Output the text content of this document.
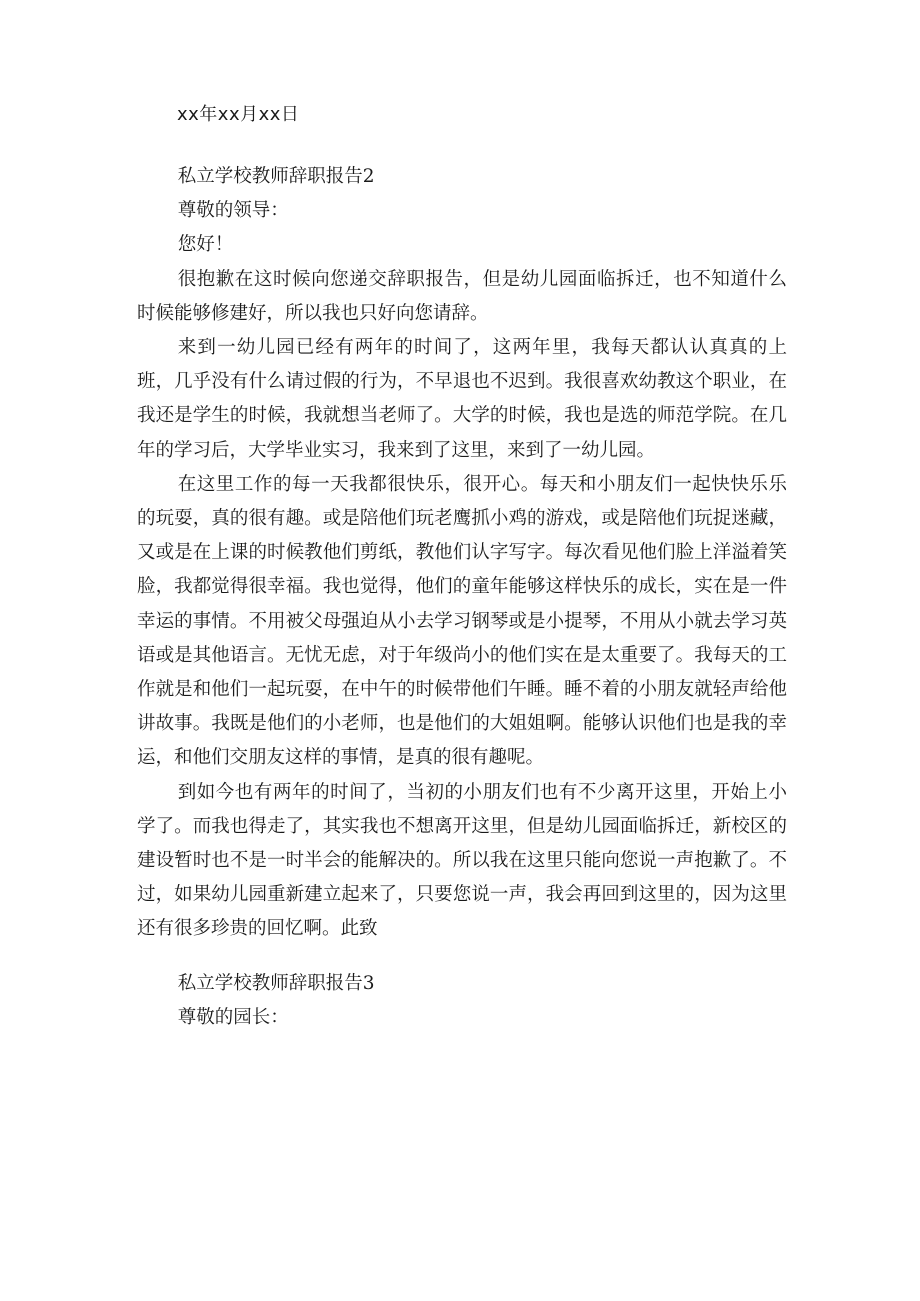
xx年xx月xx日

私立学校教师辞职报告2

尊敬的领导：

您好！

很抱歉在这时候向您递交辞职报告，但是幼儿园面临拆迁，也不知道什么时候能够修建好，所以我也只好向您请辞。

来到一幼儿园已经有两年的时间了，这两年里，我每天都认认真真的上班，几乎没有什么请过假的行为，不早退也不迟到。我很喜欢幼教这个职业，在我还是学生的时候，我就想当老师了。大学的时候，我也是选的师范学院。在几年的学习后，大学毕业实习，我来到了这里，来到了一幼儿园。

在这里工作的每一天我都很快乐，很开心。每天和小朋友们一起快快乐乐的玩耍，真的很有趣。或是陪他们玩老鹰抓小鸡的游戏，或是陪他们玩捉迷藏，又或是在上课的时候教他们剪纸，教他们认字写字。每次看见他们脸上洋溢着笑脸，我都觉得很幸福。我也觉得，他们的童年能够这样快乐的成长，实在是一件幸运的事情。不用被父母强迫从小去学习钢琴或是小提琴，不用从小就去学习英语或是其他语言。无忧无虑，对于年级尚小的他们实在是太重要了。我每天的工作就是和他们一起玩耍，在中午的时候带他们午睡。睡不着的小朋友就轻声给他讲故事。我既是他们的小老师，也是他们的大姐姐啊。能够认识他们也是我的幸运，和他们交朋友这样的事情，是真的很有趣呢。

到如今也有两年的时间了，当初的小朋友们也有不少离开这里，开始上小学了。而我也得走了，其实我也不想离开这里，但是幼儿园面临拆迁，新校区的建设暂时也不是一时半会的能解决的。所以我在这里只能向您说一声抱歉了。不过，如果幼儿园重新建立起来了，只要您说一声，我会再回到这里的，因为这里还有很多珍贵的回忆啊。此致

私立学校教师辞职报告3

尊敬的园长：
